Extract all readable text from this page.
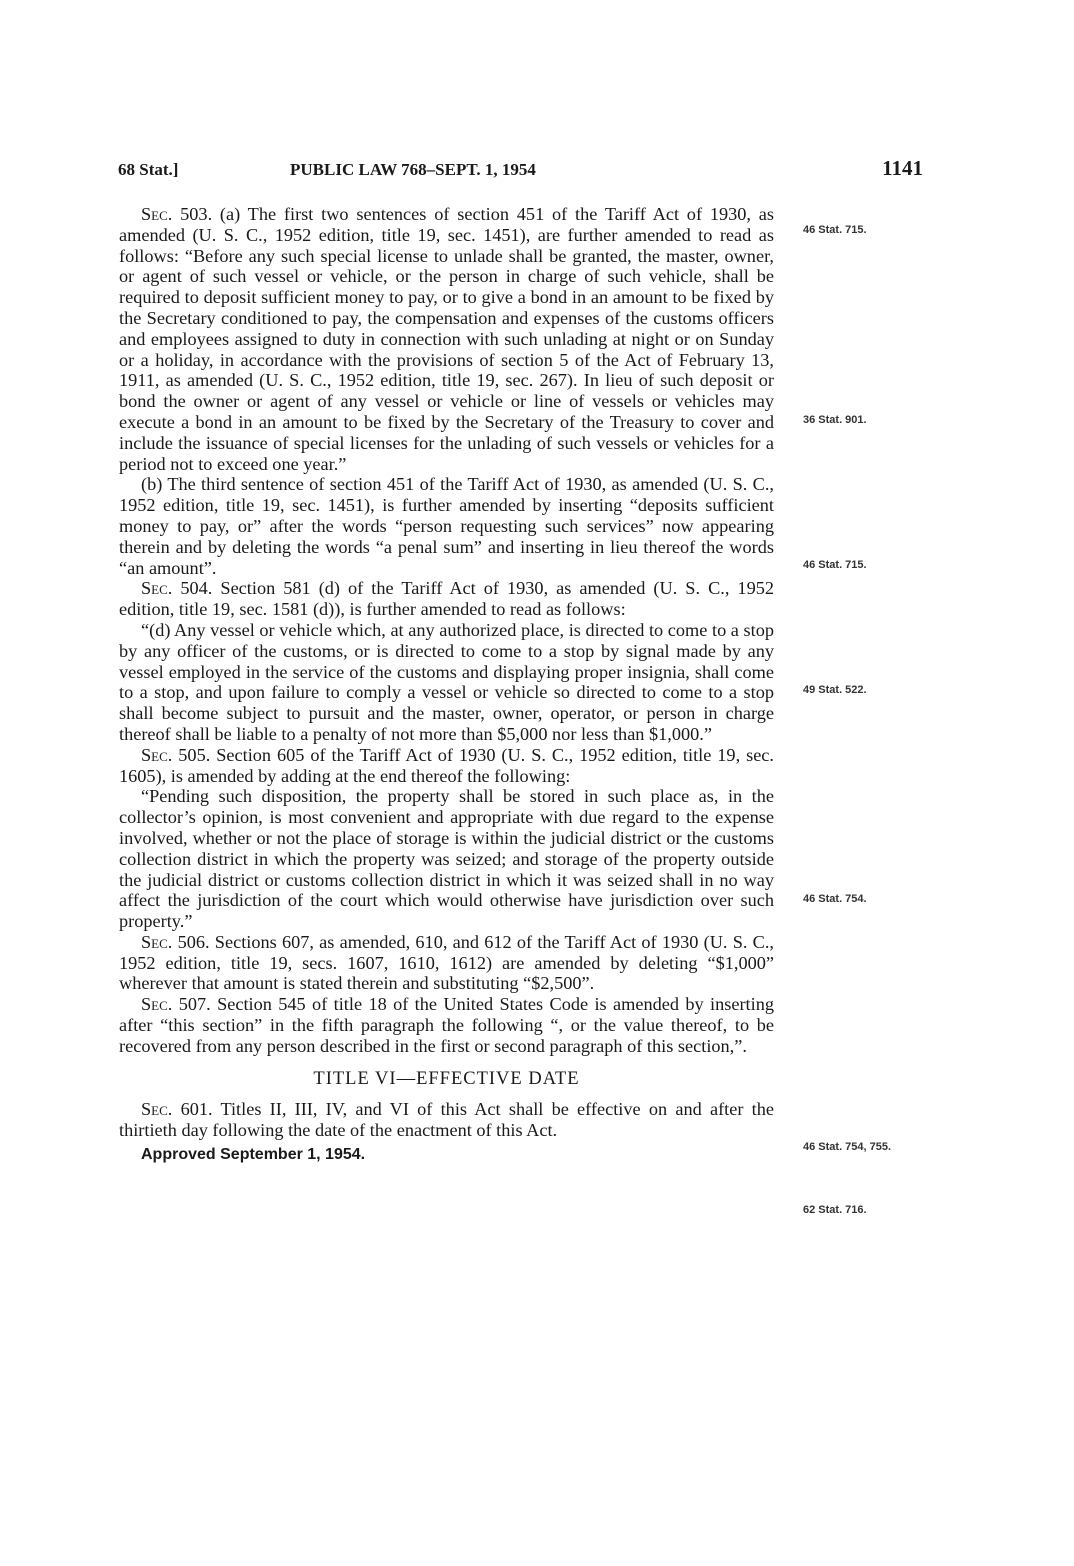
68 Stat.]	PUBLIC LAW 768–SEPT. 1, 1954	1141

Sec. 503. (a) The first two sentences of section 451 of the Tariff Act of 1930, as amended (U. S. C., 1952 edition, title 19, sec. 1451), are further amended to read as follows: “Before any such special license to unlade shall be granted, the master, owner, or agent of such vessel or vehicle, or the person in charge of such vehicle, shall be required to deposit sufficient money to pay, or to give a bond in an amount to be fixed by the Secretary conditioned to pay, the compensation and expenses of the customs officers and employees assigned to duty in connection with such unlading at night or on Sunday or a holiday, in accordance with the provisions of section 5 of the Act of February 13, 1911, as amended (U. S. C., 1952 edition, title 19, sec. 267). In lieu of such deposit or bond the owner or agent of any vessel or vehicle or line of vessels or vehicles may execute a bond in an amount to be fixed by the Secretary of the Treasury to cover and include the issuance of special licenses for the unlading of such vessels or vehicles for a period not to exceed one year.”

(b) The third sentence of section 451 of the Tariff Act of 1930, as amended (U. S. C., 1952 edition, title 19, sec. 1451), is further amended by inserting “deposits sufficient money to pay, or” after the words “person requesting such services” now appearing therein and by deleting the words “a penal sum” and inserting in lieu thereof the words “an amount”.

Sec. 504. Section 581 (d) of the Tariff Act of 1930, as amended (U. S. C., 1952 edition, title 19, sec. 1581 (d)), is further amended to read as follows:

“(d) Any vessel or vehicle which, at any authorized place, is directed to come to a stop by any officer of the customs, or is directed to come to a stop by signal made by any vessel employed in the service of the customs and displaying proper insignia, shall come to a stop, and upon failure to comply a vessel or vehicle so directed to come to a stop shall become subject to pursuit and the master, owner, operator, or person in charge thereof shall be liable to a penalty of not more than $5,000 nor less than $1,000.”

Sec. 505. Section 605 of the Tariff Act of 1930 (U. S. C., 1952 edition, title 19, sec. 1605), is amended by adding at the end thereof the following:

“Pending such disposition, the property shall be stored in such place as, in the collector’s opinion, is most convenient and appropriate with due regard to the expense involved, whether or not the place of storage is within the judicial district or the customs collection district in which the property was seized; and storage of the property outside the judicial district or customs collection district in which it was seized shall in no way affect the jurisdiction of the court which would otherwise have jurisdiction over such property.”

Sec. 506. Sections 607, as amended, 610, and 612 of the Tariff Act of 1930 (U. S. C., 1952 edition, title 19, secs. 1607, 1610, 1612) are amended by deleting “$1,000” wherever that amount is stated therein and substituting “$2,500”.

Sec. 507. Section 545 of title 18 of the United States Code is amended by inserting after “this section” in the fifth paragraph the following “, or the value thereof, to be recovered from any person described in the first or second paragraph of this section,”.

TITLE VI—EFFECTIVE DATE

Sec. 601. Titles II, III, IV, and VI of this Act shall be effective on and after the thirtieth day following the date of the enactment of this Act.

Approved September 1, 1954.

46 Stat. 715.
36 Stat. 901.
46 Stat. 715.
49 Stat. 522.
46 Stat. 754.
46 Stat. 754, 755.
62 Stat. 716.
